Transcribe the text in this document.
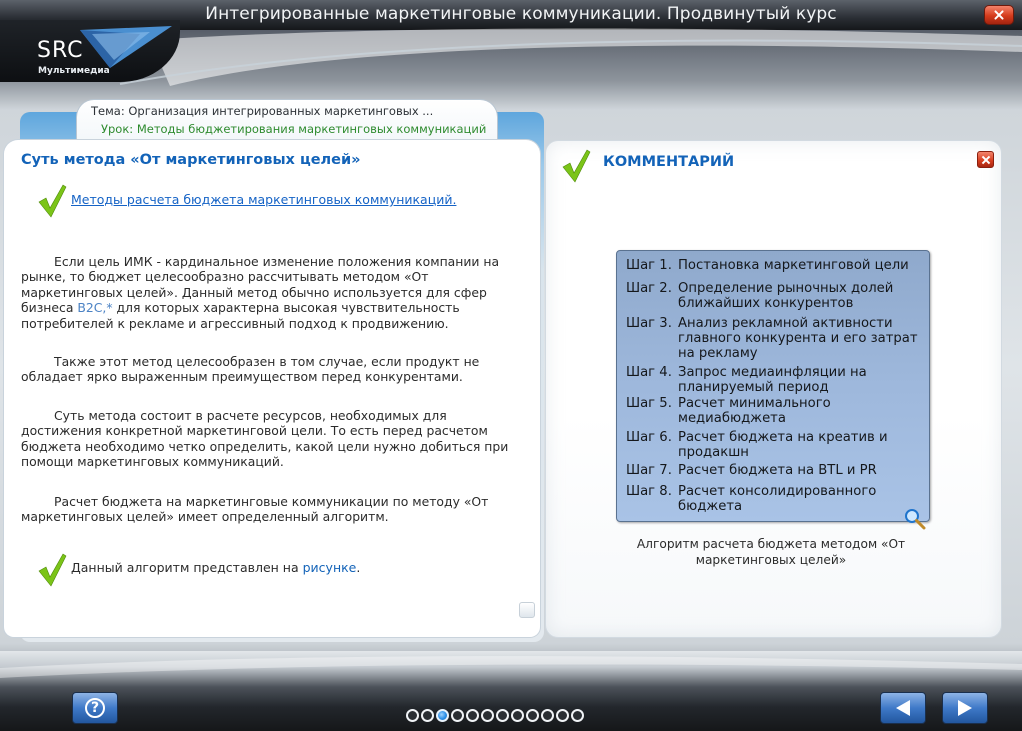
Интегрированные маркетинговые коммуникации. Продвинутый курс
SRC
Мультимедиа
Тема: Организация интегрированных маркетинговых ...
Урок: Методы бюджетирования маркетинговых коммуникаций
Суть метода «От маркетинговых целей»
Методы расчета бюджета маркетинговых коммуникаций.

Если цель ИМК - кардинальное изменение положения компании на рынке, то бюджет целесообразно рассчитывать методом «От маркетинговых целей». Данный метод обычно используется для сфер бизнеса B2C,* для которых характерна высокая чувствительность потребителей к рекламе и агрессивный подход к продвижению.

Также этот метод целесообразен в том случае, если продукт не обладает ярко выраженным преимуществом перед конкурентами.

Суть метода состоит в расчете ресурсов, необходимых для достижения конкретной маркетинговой цели. То есть перед расчетом бюджета необходимо четко определить, какой цели нужно добиться при помощи маркетинговых коммуникаций.

Расчет бюджета на маркетинговые коммуникации по методу «От маркетинговых целей» имеет определенный алгоритм.

Данный алгоритм представлен на рисунке.
КОММЕНТАРИЙ

Шаг 1. Постановка маркетинговой цели

Шаг 2. Определение рыночных долей ближайших конкурентов

Шаг 3. Анализ рекламной активности главного конкурента и его затрат на рекламу

Шаг 4. Запрос медиаинфляции на планируемый период

Шаг 5. Расчет минимального медиабюджета

Шаг 6. Расчет бюджета на креатив и продакшн

Шаг 7. Расчет бюджета на BTL и PR

Шаг 8. Расчет консолидированного бюджета

Алгоритм расчета бюджета методом «От маркетинговых целей»
?
